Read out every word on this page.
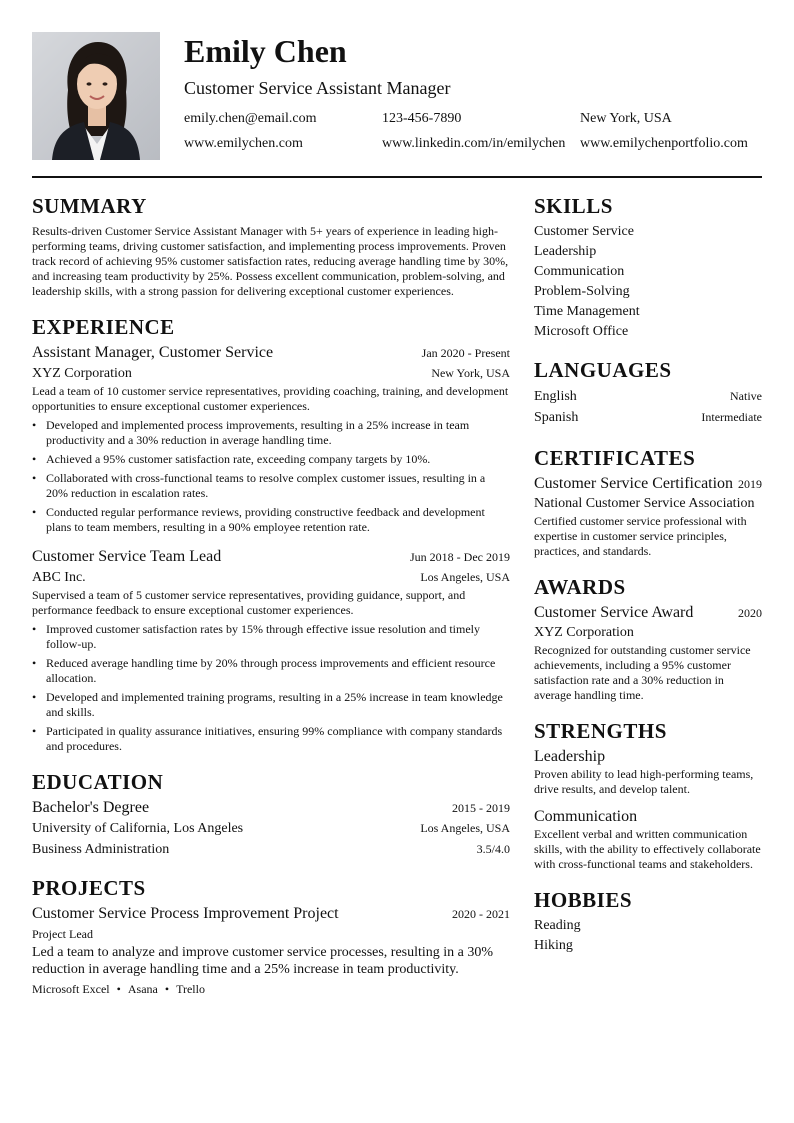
Emily Chen
Customer Service Assistant Manager
emily.chen@email.com	123-456-7890	New York, USA
www.emilychen.com	www.linkedin.com/in/emilychen www.emilychenportfolio.com
SUMMARY

Results-driven Customer Service Assistant Manager with 5+ years of experience in leading high-performing teams, driving customer satisfaction, and implementing process improvements. Proven track record of achieving 95% customer satisfaction rates, reducing average handling time by 30%, and increasing team productivity by 25%. Possess excellent communication, problem-solving, and leadership skills, with a strong passion for delivering exceptional customer experiences.

EXPERIENCE
Assistant Manager, Customer Service	Jan 2020 - Present
XYZ Corporation	New York, USA

Lead a team of 10 customer service representatives, providing coaching, training, and development opportunities to ensure exceptional customer experiences.

• Developed and implemented process improvements, resulting in a 25% increase in team productivity and a 30% reduction in average handling time.
• Achieved a 95% customer satisfaction rate, exceeding company targets by 10%.
• Collaborated with cross-functional teams to resolve complex customer issues, resulting in a 20% reduction in escalation rates.
• Conducted regular performance reviews, providing constructive feedback and development plans to team members, resulting in a 90% employee retention rate.
Customer Service Team Lead	Jun 2018 - Dec 2019
ABC Inc.	Los Angeles, USA

Supervised a team of 5 customer service representatives, providing guidance, support, and performance feedback to ensure exceptional customer experiences.

• Improved customer satisfaction rates by 15% through effective issue resolution and timely follow-up.
• Reduced average handling time by 20% through process improvements and efficient resource allocation.
• Developed and implemented training programs, resulting in a 25% increase in team knowledge and skills.
• Participated in quality assurance initiatives, ensuring 99% compliance with company standards and procedures.
EDUCATION
Bachelor's Degree	2015 - 2019
University of California, Los Angeles	Los Angeles, USA
Business Administration	3.5/4.0
PROJECTS
Customer Service Process Improvement Project	2020 - 2021
Project Lead

Led a team to analyze and improve customer service processes, resulting in a 30% reduction in average handling time and a 25% increase in team productivity.

Microsoft Excel • Asana • Trello
SKILLS
Customer Service
Leadership
Communication
Problem-Solving
Time Management
Microsoft Office
LANGUAGES
English	Native
Spanish	Intermediate
CERTIFICATES
Customer Service Certification 2019
National Customer Service Association

Certified customer service professional with expertise in customer service principles, practices, and standards.

AWARDS
Customer Service Award	2020
XYZ Corporation

Recognized for outstanding customer service achievements, including a 95% customer satisfaction rate and a 30% reduction in average handling time.

STRENGTHS
Leadership

Proven ability to lead high-performing teams, drive results, and develop talent.

Communication

Excellent verbal and written communication skills, with the ability to effectively collaborate with cross-functional teams and stakeholders.

HOBBIES
Reading
Hiking
